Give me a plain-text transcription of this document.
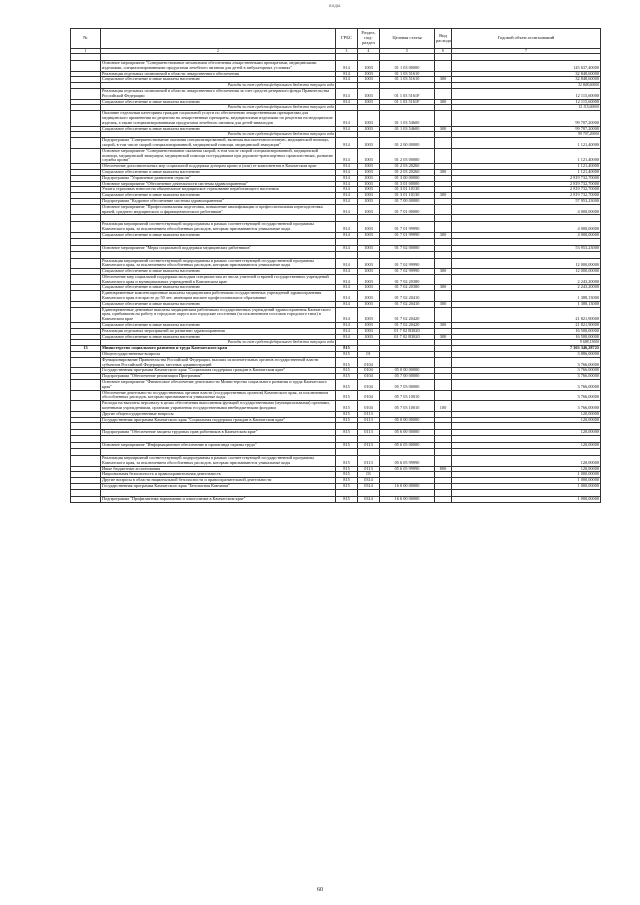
коды
№		ГРБС	Раздел, под-раздел	Целевая статья	Вид расхода	Годовой объем ассигнований
1	2	3	4	5	6	7

	Основное мероприятие "Совершенствование механизмов обеспечения лекарственными препаратами, медицинскими изделиями, специализированными продуктами лечебного питания для детей в амбулаторных условиях"	814	1003	01 1 03 00000		145 637,40000
	Реализация отдельных полномочий в области лекарственного обеспечения	814	1003	01 1 03 51610		32 848,60000
	Социальное обеспечение и иные выплаты населению	814	1003	01 1 03 51610	300	32 848,60000
	Расходы за счет средств федерального бюджета текущего года					32 848,60000
	Реализация отдельных полномочий в области лекарственного обеспечения за счет средств резервного фонда Правительства Российской Федерации	814	1003	01 1 03 5161F		12 115,60000
	Социальное обеспечение и иные выплаты населению	814	1003	01 1 03 5161F	300	12 115,60000
	Расходы за счет средств федерального бюджета текущего года					12 115,60000
	Оказание отдельным категориям граждан социальной услуги по обеспечению лекарственными препаратами для медицинского применения по рецептам на лекарственные препараты, медицинскими изделиями по рецептам на медицинские изделия, а также специализированными продуктами лечебного питания для детей-инвалидов	814	1003	01 1 03 54600		99 707,20000
	Социальное обеспечение и иные выплаты населению	814	1003	01 1 03 54600	300	99 707,20000
	Расходы за счет средств федерального бюджета текущего года					99 707,20000
	Подпрограмма "Совершенствование оказания специализированной, включая высокотехнологичную, медицинской помощи, скорой, в том числе скорой специализированной, медицинской помощи, медицинской эвакуации"	814	1003	01 2 00 00000		1 121,40000
	Основное мероприятие "Совершенствование оказания скорой, в том числе скорой специализированной, медицинской помощи, медицинской эвакуации, медицинской помощи пострадавшим при дорожно-транспортных происшествиях, развитие службы крови"	814	1003	01 2 03 00000		1 121,40000
	Обеспечение дополнительных мер социальной поддержки донорам крови и (или) ее компонентов в Камчатском крае	814	1003	01 2 03 20260		1 121,40000
	Социальное обеспечение и иные выплаты населению	814	1003	01 2 03 20260	300	1 121,40000
	Подпрограмма "Управление развитием отрасли"	814	1003	01 3 00 00000		2 819 732,70000
	Основное мероприятие "Обеспечение деятельности системы здравоохранения"	814	1003	01 3 01 00000		2 819 732,70000
	Уплата страховых взносов на обязательное медицинское страхование неработающего населения	814	1003	01 3 01 10130		2 819 732,70000
	Социальное обеспечение и иные выплаты населению	814	1003	01 3 01 10130	300	2 819 732,70000
	Подпрограмма "Кадровое обеспечение системы здравоохранения"	814	1003	01 7 00 00000		57 953,23000
	Основное мероприятие "Профессиональная подготовка, повышение квалификации и профессиональная переподготовка врачей, среднего медицинского и фармацевтического работников"	814	1003	01 7 01 00000		4 000,00000

	Реализация мероприятий соответствующей подпрограммы в рамках соответствующей государственной программы Камчатского края, за исключением обособленных расходов, которым присваиваются уникальные коды	814	1003	01 7 01 99990		4 000,00000
	Социальное обеспечение и иные выплаты населению	814	1003	01 7 01 99990	300	4 000,00000

	Основное мероприятие "Меры социальной поддержки медицинских работников"	814	1003	01 7 02 00000		53 953,23000

	Реализация мероприятий соответствующей подпрограммы в рамках соответствующей государственной программы Камчатского края, за исключением обособленных расходов, которым присваиваются уникальные коды	814	1003	01 7 02 99990		12 000,00000
	Социальное обеспечение и иные выплаты населению	814	1003	01 7 02 99990	300	12 000,00000
	Обеспечение мер социальной поддержки молодым специалистам из числа учителей и врачей государственных учреждений Камчатского края и муниципальных учреждений в Камчатском крае	814	1003	01 7 02 20380		2 243,20000
	Социальное обеспечение и иные выплаты населению	814	1003	01 7 02 20380	300	2 243,20000
	Единовременные компенсационные выплаты медицинским работникам государственных учреждений здравоохранения Камчатского края в возрасте до 50 лет, имеющим высшее профессиональное образование	814	1003	01 7 02 20410		1 388,13000
	Социальное обеспечение и иные выплаты населению	814	1003	01 7 02 20410	300	1 388,13000
	Единовременные денежные выплаты медицинским работникам государственных учреждений здравоохранения Камчатского края, прибывшим на работу в городские округа или городские поселения (за исключением поселков городского типа) в Камчатском крае	814	1003	01 7 02 20420		21 821,90000
	Социальное обеспечение и иные выплаты населению	814	1003	01 7 02 20420	300	21 821,90000
	Реализация отдельных мероприятий по развитию здравоохранения	814	1003	01 7 02 R3820		16 500,00000
	Социальное обеспечение и иные выплаты населению	814	1003	01 7 02 R3820	300	16 500,00000
	Расходы за счет средств федерального бюджета текущего года					9 698,13000
13	Министерство социального развития и труда Камчатского края	815				7 363 346,28725
	Общегосударственные вопросы	815	01			3 886,00000
	Функционирование Правительства Российской Федерации, высших исполнительных органов государственной власти субъектов Российской Федерации, местных администраций	815	0104			3 766,00000
	Государственная программа Камчатского края "Социальная поддержка граждан в Камчатском крае"	815	0104	05 0 00 00000		3 766,00000
	Подпрограмма "Обеспечение реализации Программы"	815	0104	05 7 00 00000		3 766,00000
	Основное мероприятие "Финансовое обеспечение деятельности Министерства социального развития и труда Камчатского края"	815	0104	05 7 03 00000		3 766,00000
	Обеспечение деятельности государственных органов власти (государственных органов) Камчатского края, за исключением обособленных расходов, которым присваиваются уникальные коды	815	0104	05 7 03 10010		3 766,00000
	Расходы на выплаты персоналу в целях обеспечения выполнения функций государственными (муниципальными) органами, казенными учреждениями, органами управления государственными внебюджетными фондами	815	0104	05 7 03 10010	100	3 766,00000
	Другие общегосударственные вопросы	815	0113			120,00000
	Государственная программа Камчатского края "Социальная поддержка граждан в Камчатском крае"	815	0113	05 0 00 00000		120,00000

	Подпрограмма "Обеспечение защиты трудовых прав работников в Камчатском крае"	815	0113	05 6 00 00000		120,00000

	Основное мероприятие "Информационное обеспечение и пропаганда охраны труда"	815	0113	05 6 05 00000		120,00000

	Реализация мероприятий соответствующей подпрограммы в рамках соответствующей государственной программы Камчатского края, за исключением обособленных расходов, которым присваиваются уникальные коды	815	0113	05 6 05 99990		120,00000
	Иные бюджетные ассигнования	815	0113	05 6 05 99990	800	120,00000
	Национальная безопасность и правоохранительная деятельность	815	03			1 000,00000
	Другие вопросы в области национальной безопасности и правоохранительной деятельности	815	0314			1 000,00000
	Государственная программа Камчатского края "Безопасная Камчатка"	815	0314	16 0 00 00000		1 000,00000

	Подпрограмма "Профилактика наркомании и алкоголизма в Камчатском крае"	815	0314	16 6 00 00000		1 000,00000
60
